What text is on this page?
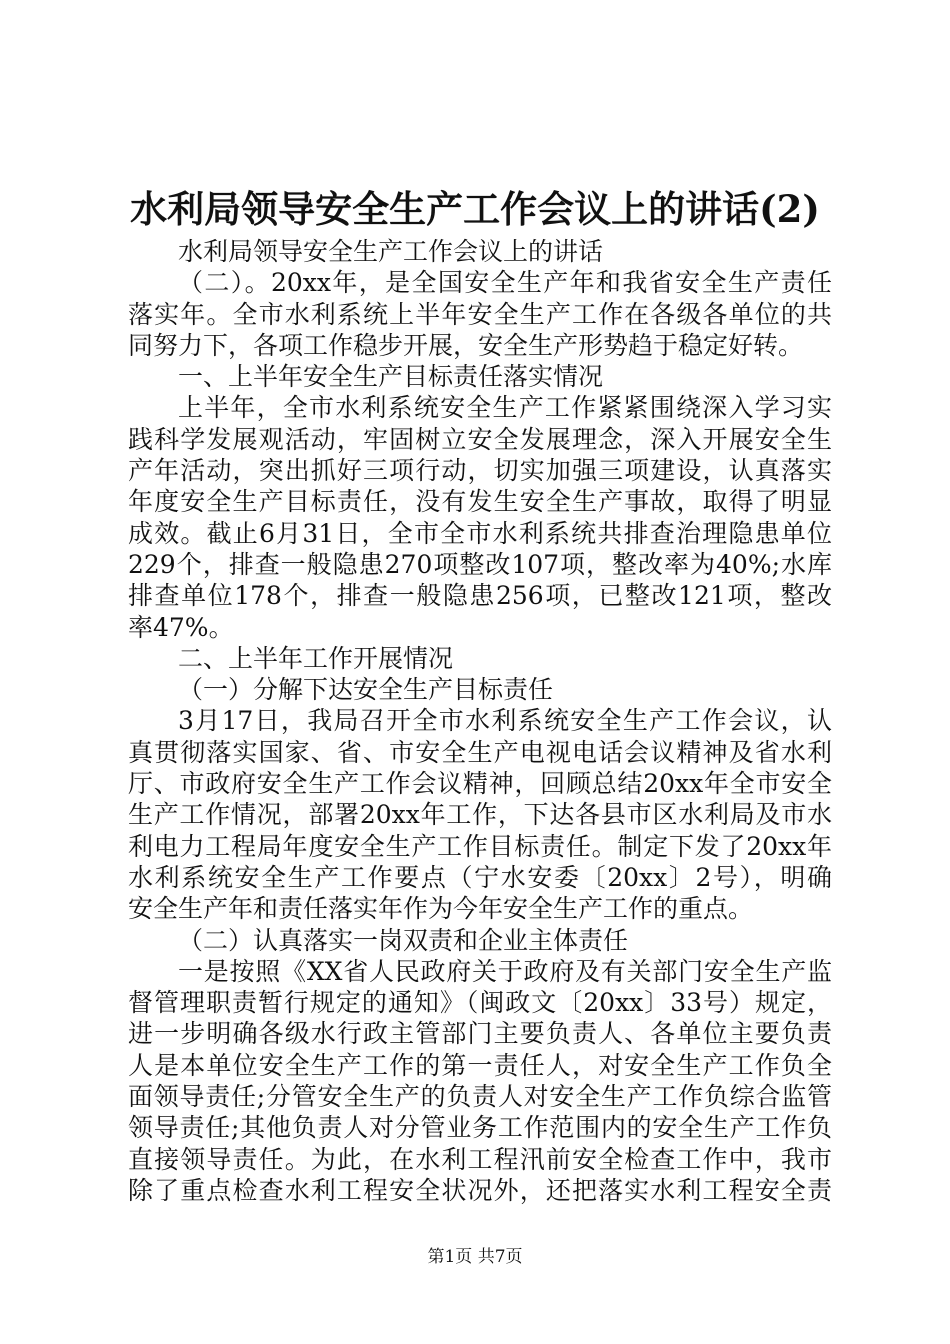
水利局领导安全生产工作会议上的讲话(2)
水利局领导安全生产工作会议上的讲话
（二）。20xx年，是全国安全生产年和我省安全生产责任
落实年。全市水利系统上半年安全生产工作在各级各单位的共
同努力下，各项工作稳步开展，安全生产形势趋于稳定好转。
一、上半年安全生产目标责任落实情况
上半年，全市水利系统安全生产工作紧紧围绕深入学习实
践科学发展观活动，牢固树立安全发展理念，深入开展安全生
产年活动，突出抓好三项行动，切实加强三项建设，认真落实
年度安全生产目标责任，没有发生安全生产事故，取得了明显
成效。截止6月31日，全市全市水利系统共排查治理隐患单位
229个，排查一般隐患270项整改107项，整改率为40%;水库
排查单位178个，排查一般隐患256项，已整改121项，整改
率47%。
二、上半年工作开展情况
（一）分解下达安全生产目标责任
3月17日，我局召开全市水利系统安全生产工作会议，认
真贯彻落实国家、省、市安全生产电视电话会议精神及省水利
厅、市政府安全生产工作会议精神，回顾总结20xx年全市安全
生产工作情况，部署20xx年工作，下达各县市区水利局及市水
利电力工程局年度安全生产工作目标责任。制定下发了20xx年
水利系统安全生产工作要点（宁水安委〔20xx〕2号），明确
安全生产年和责任落实年作为今年安全生产工作的重点。
（二）认真落实一岗双责和企业主体责任
一是按照《XX省人民政府关于政府及有关部门安全生产监
督管理职责暂行规定的通知》（闽政文〔20xx〕33号）规定，
进一步明确各级水行政主管部门主要负责人、各单位主要负责
人是本单位安全生产工作的第一责任人，对安全生产工作负全
面领导责任;分管安全生产的负责人对安全生产工作负综合监管
领导责任;其他负责人对分管业务工作范围内的安全生产工作负
直接领导责任。为此，在水利工程汛前安全检查工作中，我市
除了重点检查水利工程安全状况外，还把落实水利工程安全责
第1页 共7页
